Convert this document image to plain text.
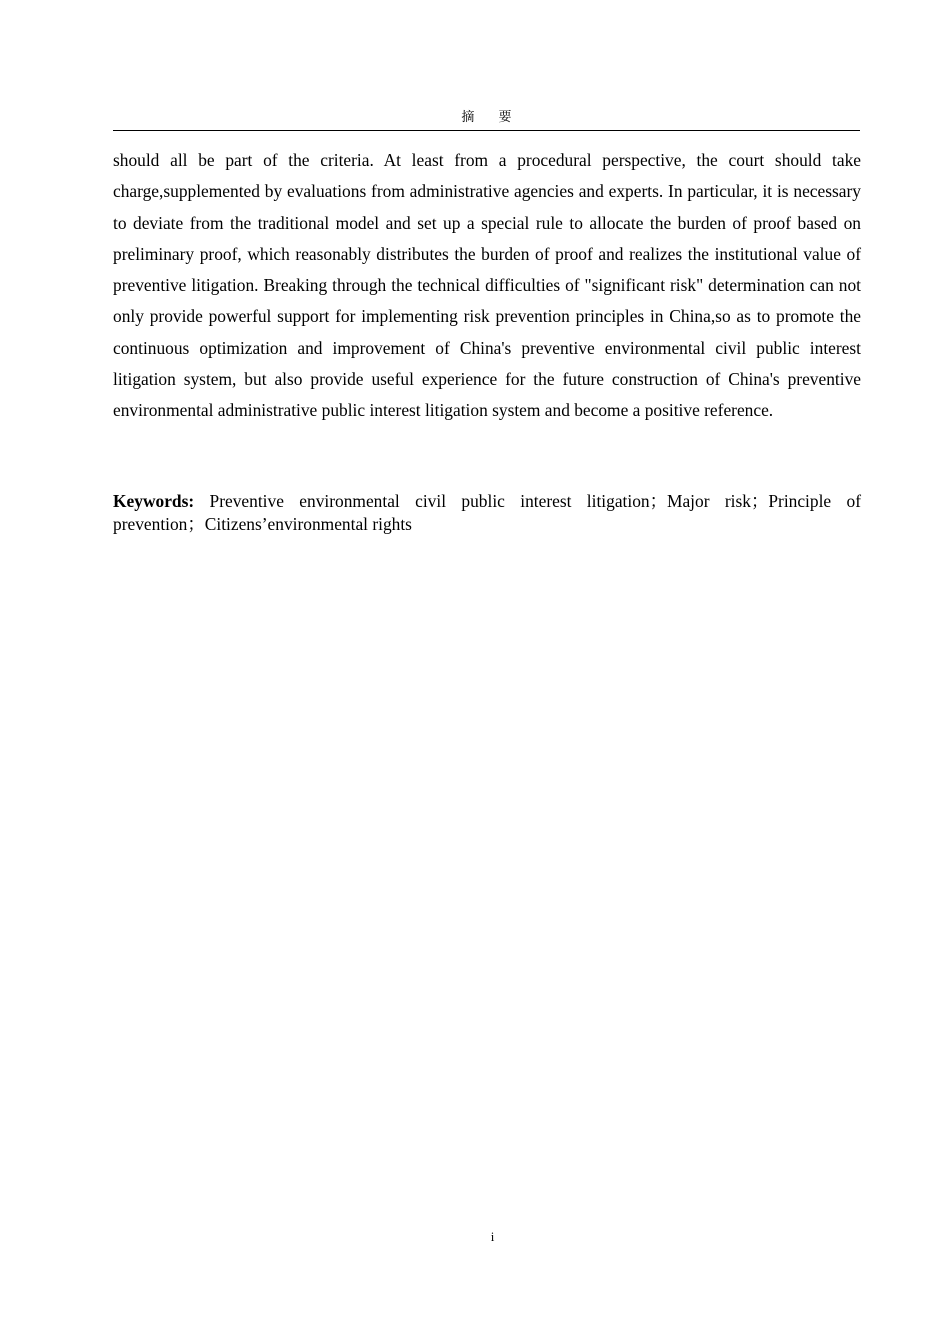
摘 要

should all be part of the criteria. At least from a procedural perspective, the court should take charge,supplemented by evaluations from administrative agencies and experts. In particular, it is necessary to deviate from the traditional model and set up a special rule to allocate the burden of proof based on preliminary proof, which reasonably distributes the burden of proof and realizes the institutional value of preventive litigation. Breaking through the technical difficulties of "significant risk" determination can not only provide powerful support for implementing risk prevention principles in China,so as to promote the continuous optimization and improvement of China's preventive environmental civil public interest litigation system, but also provide useful experience for the future construction of China's preventive environmental administrative public interest litigation system and become a positive reference.

Keywords: Preventive environmental civil public interest litigation；Major risk；Principle of prevention；Citizens’environmental rights

i
